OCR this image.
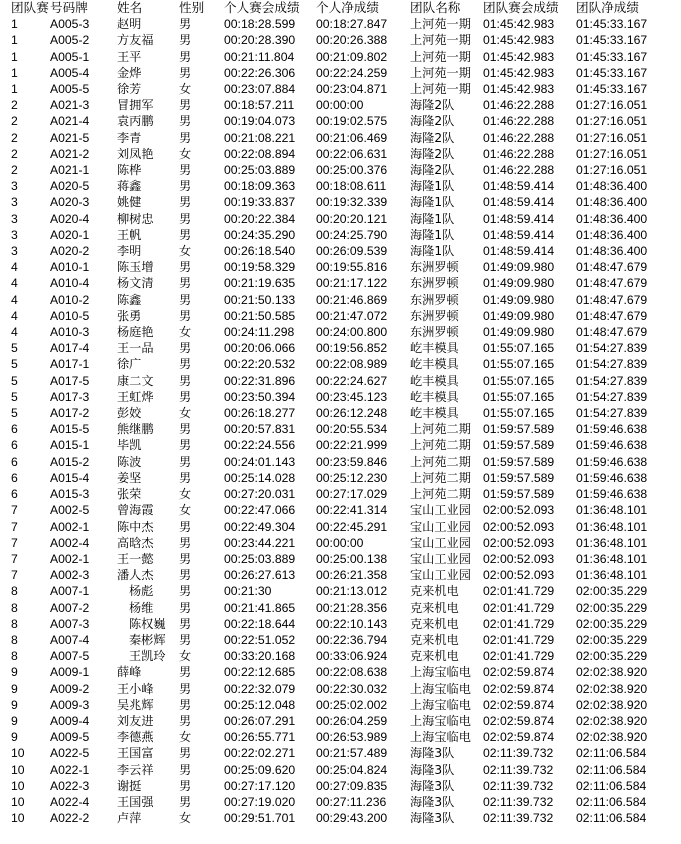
团队赛	号码牌	姓名	性别	个人赛会成绩	个人净成绩	团队名称	团队赛会成绩	团队净成绩
1	A005-3	赵明	男	00:18:28.599	00:18:27.847	上河苑一期	01:45:42.983	01:45:33.167
1	A005-2	方友福	男	00:20:28.390	00:20:26.388	上河苑一期	01:45:42.983	01:45:33.167
1	A005-1	王平	男	00:21:11.804	00:21:09.802	上河苑一期	01:45:42.983	01:45:33.167
1	A005-4	金烨	男	00:22:26.306	00:22:24.259	上河苑一期	01:45:42.983	01:45:33.167
1	A005-5	徐芳	女	00:23:07.884	00:23:04.871	上河苑一期	01:45:42.983	01:45:33.167
2	A021-3	冒拥军	男	00:18:57.211	00:00:00	海隆2队	01:46:22.288	01:27:16.051
2	A021-4	袁丙鹏	男	00:19:04.073	00:19:02.575	海隆2队	01:46:22.288	01:27:16.051
2	A021-5	李青	男	00:21:08.221	00:21:06.469	海隆2队	01:46:22.288	01:27:16.051
2	A021-2	刘凤艳	女	00:22:08.894	00:22:06.631	海隆2队	01:46:22.288	01:27:16.051
2	A021-1	陈桦	男	00:25:03.889	00:25:00.376	海隆2队	01:46:22.288	01:27:16.051
3	A020-5	蒋鑫	男	00:18:09.363	00:18:08.611	海隆1队	01:48:59.414	01:48:36.400
3	A020-3	姚健	男	00:19:33.837	00:19:32.339	海隆1队	01:48:59.414	01:48:36.400
3	A020-4	柳树忠	男	00:20:22.384	00:20:20.121	海隆1队	01:48:59.414	01:48:36.400
3	A020-1	王帆	男	00:24:35.290	00:24:25.790	海隆1队	01:48:59.414	01:48:36.400
3	A020-2	李明	女	00:26:18.540	00:26:09.539	海隆1队	01:48:59.414	01:48:36.400
4	A010-1	陈玉增	男	00:19:58.329	00:19:55.816	东洲罗顿	01:49:09.980	01:48:47.679
4	A010-4	杨文清	男	00:21:19.635	00:21:17.122	东洲罗顿	01:49:09.980	01:48:47.679
4	A010-2	陈鑫	男	00:21:50.133	00:21:46.869	东洲罗顿	01:49:09.980	01:48:47.679
4	A010-5	张勇	男	00:21:50.585	00:21:47.072	东洲罗顿	01:49:09.980	01:48:47.679
4	A010-3	杨庭艳	女	00:24:11.298	00:24:00.800	东洲罗顿	01:49:09.980	01:48:47.679
5	A017-4	王一品	男	00:20:06.066	00:19:56.852	屹丰模具	01:55:07.165	01:54:27.839
5	A017-1	徐广	男	00:22:20.532	00:22:08.989	屹丰模具	01:55:07.165	01:54:27.839
5	A017-5	康二文	男	00:22:31.896	00:22:24.627	屹丰模具	01:55:07.165	01:54:27.839
5	A017-3	王虹烨	男	00:23:50.394	00:23:45.123	屹丰模具	01:55:07.165	01:54:27.839
5	A017-2	彭姣	女	00:26:18.277	00:26:12.248	屹丰模具	01:55:07.165	01:54:27.839
6	A015-5	熊继鹏	男	00:20:57.831	00:20:55.534	上河苑二期	01:59:57.589	01:59:46.638
6	A015-1	毕凯	男	00:22:24.556	00:22:21.999	上河苑二期	01:59:57.589	01:59:46.638
6	A015-2	陈波	男	00:24:01.143	00:23:59.846	上河苑二期	01:59:57.589	01:59:46.638
6	A015-4	姜坚	男	00:25:14.028	00:25:12.230	上河苑二期	01:59:57.589	01:59:46.638
6	A015-3	张荣	女	00:27:20.031	00:27:17.029	上河苑二期	01:59:57.589	01:59:46.638
7	A002-5	曾海霞	女	00:22:47.066	00:22:41.314	宝山工业园	02:00:52.093	01:36:48.101
7	A002-1	陈中杰	男	00:22:49.304	00:22:45.291	宝山工业园	02:00:52.093	01:36:48.101
7	A002-4	高晗杰	男	00:23:44.221	00:00:00	宝山工业园	02:00:52.093	01:36:48.101
7	A002-1	王一懿	男	00:25:03.889	00:25:00.138	宝山工业园	02:00:52.093	01:36:48.101
7	A002-3	潘人杰	男	00:26:27.613	00:26:21.358	宝山工业园	02:00:52.093	01:36:48.101
8	A007-1	杨彪	男	00:21:30	00:21:13.012	克来机电	02:01:41.729	02:00:35.229
8	A007-2	杨维	男	00:21:41.865	00:21:28.356	克来机电	02:01:41.729	02:00:35.229
8	A007-3	陈权巍	男	00:22:18.644	00:22:10.143	克来机电	02:01:41.729	02:00:35.229
8	A007-4	秦彬辉	男	00:22:51.052	00:22:36.794	克来机电	02:01:41.729	02:00:35.229
8	A007-5	王凯玲	女	00:33:20.168	00:33:06.924	克来机电	02:01:41.729	02:00:35.229
9	A009-1	薛峰	男	00:22:12.685	00:22:08.638	上海宝临电	02:02:59.874	02:02:38.920
9	A009-2	王小峰	男	00:22:32.079	00:22:30.032	上海宝临电	02:02:59.874	02:02:38.920
9	A009-3	吴兆辉	男	00:25:12.048	00:25:02.002	上海宝临电	02:02:59.874	02:02:38.920
9	A009-4	刘友进	男	00:26:07.291	00:26:04.259	上海宝临电	02:02:59.874	02:02:38.920
9	A009-5	李德燕	女	00:26:55.771	00:26:53.989	上海宝临电	02:02:59.874	02:02:38.920
10	A022-5	王国富	男	00:22:02.271	00:21:57.489	海隆3队	02:11:39.732	02:11:06.584
10	A022-1	李云祥	男	00:25:09.620	00:25:04.824	海隆3队	02:11:39.732	02:11:06.584
10	A022-3	谢挺	男	00:27:17.120	00:27:09.835	海隆3队	02:11:39.732	02:11:06.584
10	A022-4	王国强	男	00:27:19.020	00:27:11.236	海隆3队	02:11:39.732	02:11:06.584
10	A022-2	卢萍	女	00:29:51.701	00:29:43.200	海隆3队	02:11:39.732	02:11:06.584
